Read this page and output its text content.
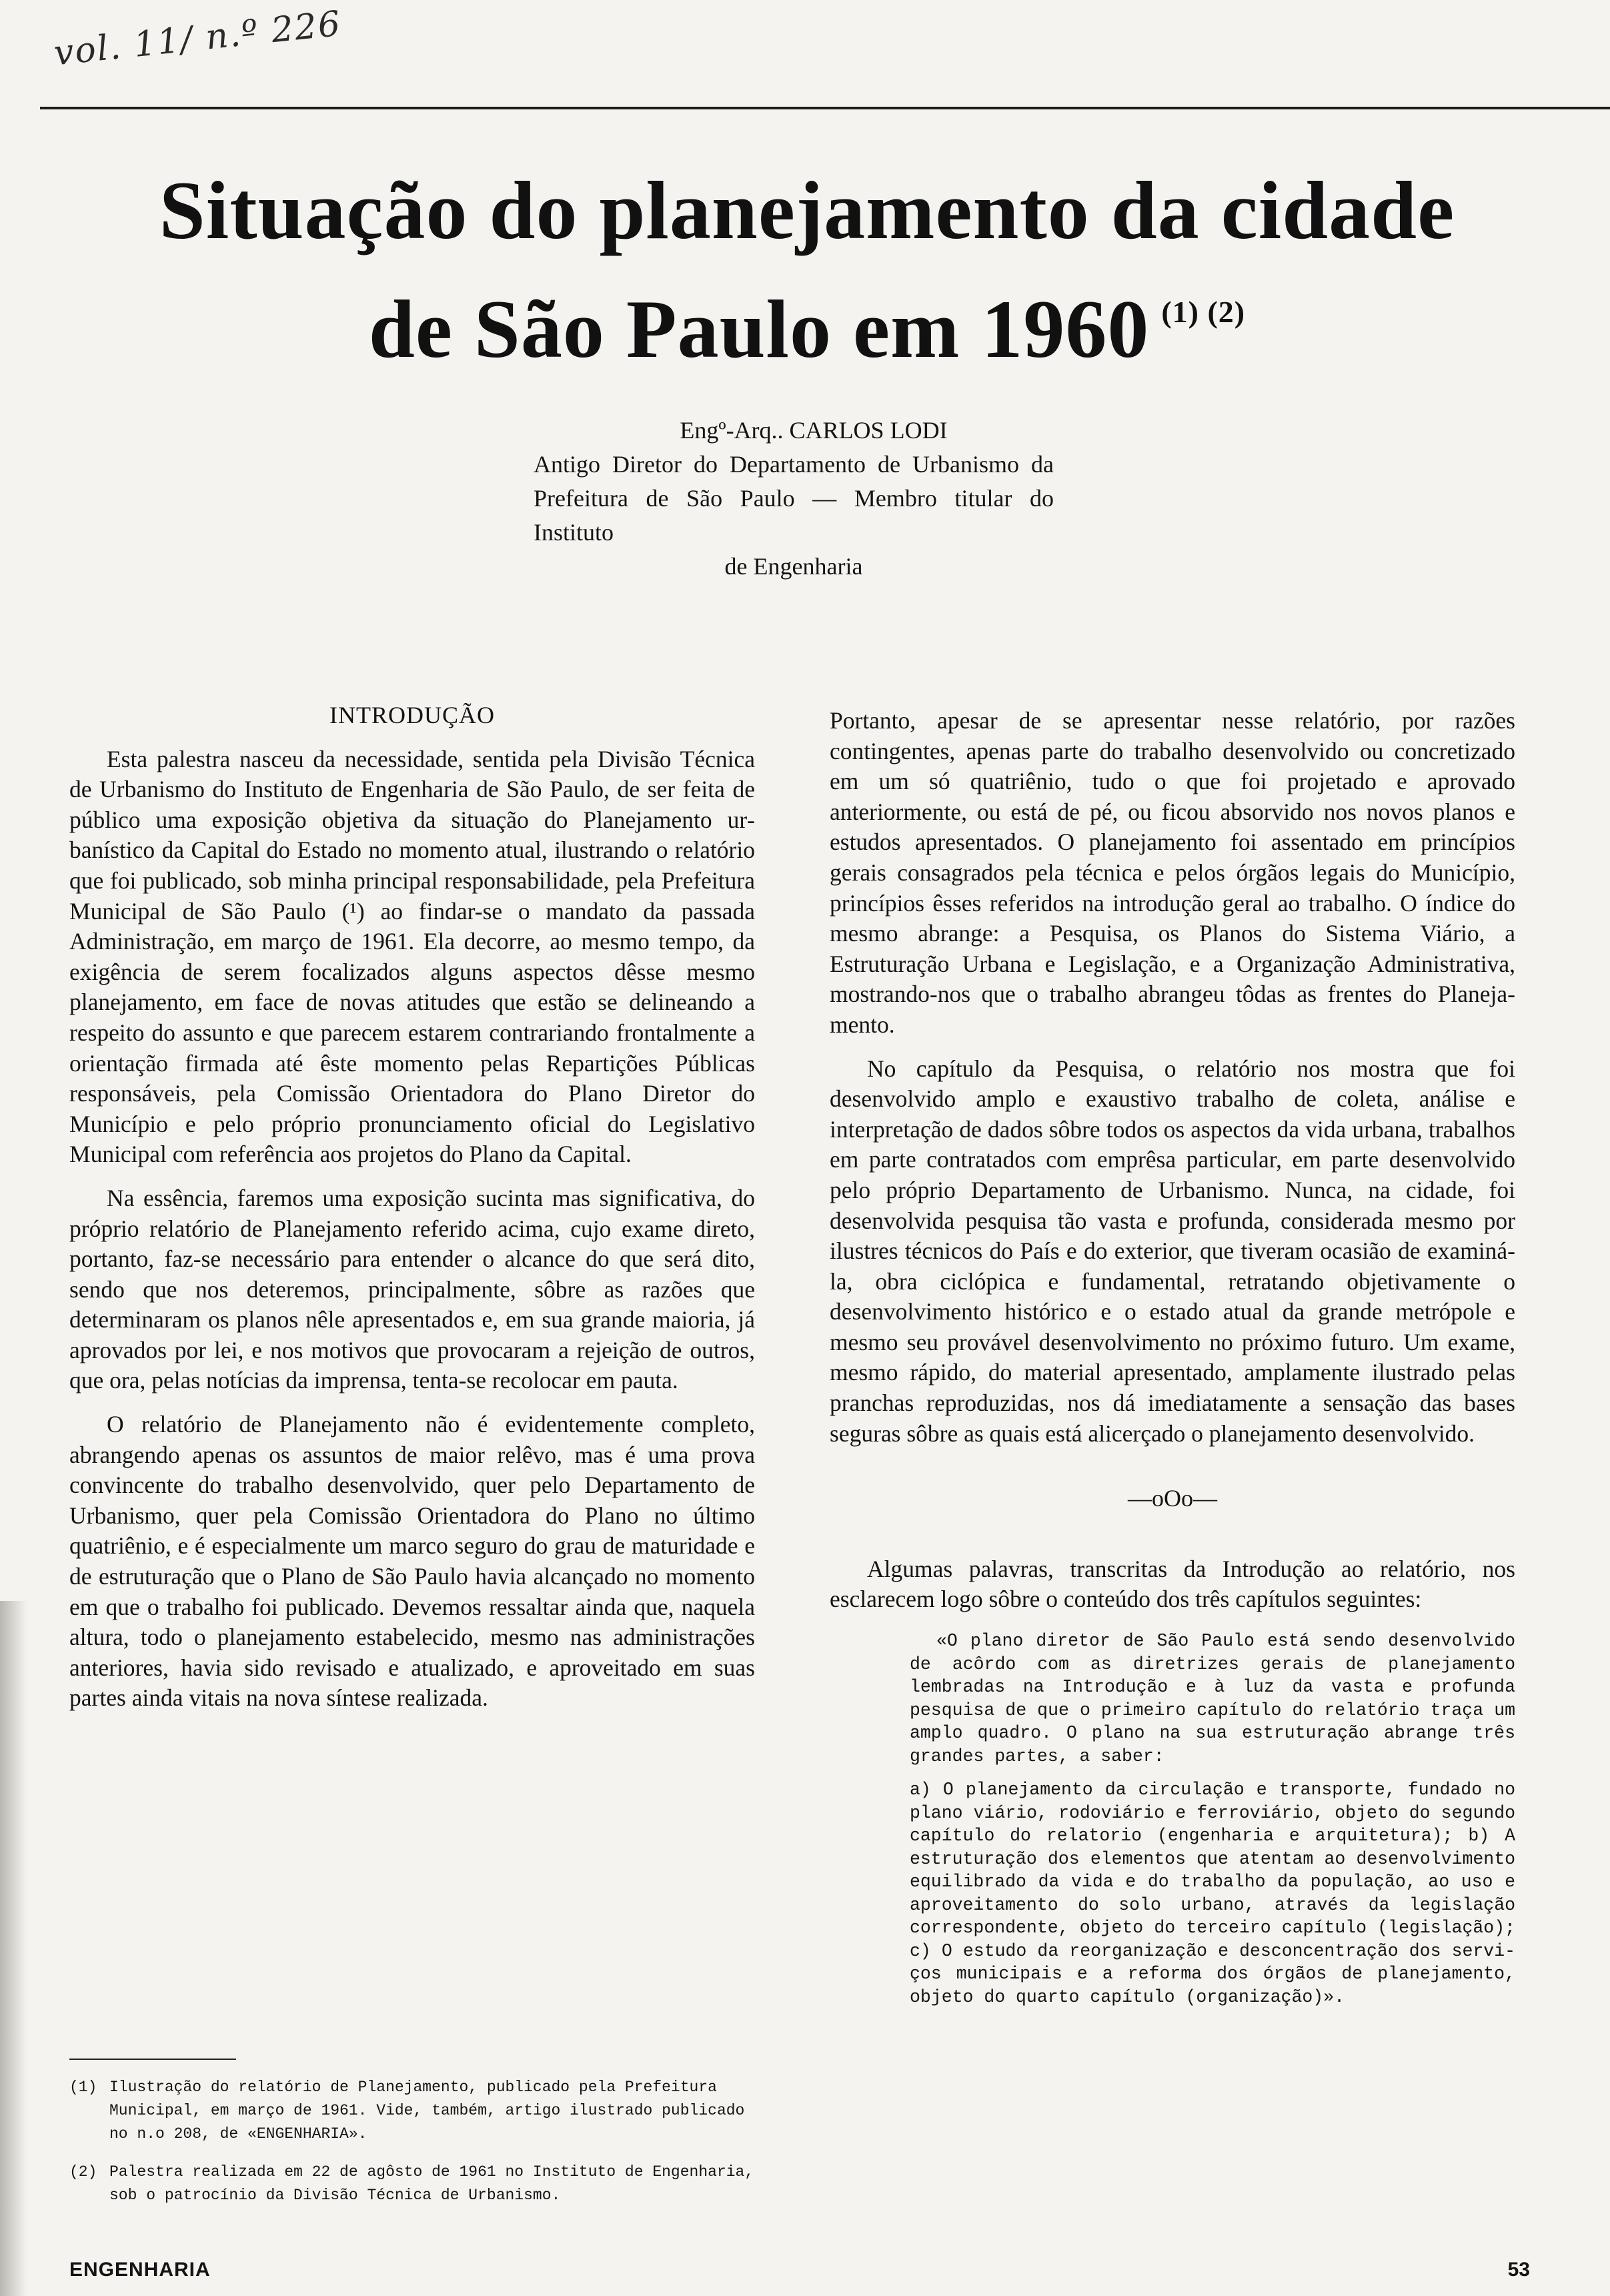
vol. 11/ n.º 226
Situação do planejamento da cidade
de São Paulo em 1960 $^{(1) (2)}$
Engº-Arq.. CARLOS LODI
Antigo Diretor do Departamento de Urbanismo da Prefeitura de São Paulo — Membro titular do Instituto
de Engenharia

INTRODUÇÃO

Esta palestra nasceu da necessidade, sentida pela Divisão Técnica de Urbanismo do Instituto de Engenharia de São Paulo, de ser feita de público uma exposição objetiva da situação do Planejamento urbanístico da Capital do Estado no momento atual, ilustrando o relatório que foi publicado, sob minha principal responsabilidade, pela Prefeitura Municipal de São Paulo (¹) ao findar-se o mandato da passada Administração, em março de 1961. Ela decorre, ao mesmo tempo, da exigência de serem focalizados alguns aspectos dêsse mesmo planejamento, em face de novas atitudes que estão se delineando a respeito do assunto e que parecem estarem contrariando frontalmente a orientação firmada até êste momento pelas Repartições Públicas responsáveis, pela Comissão Orientadora do Plano Diretor do Município e pelo próprio pronunciamento oficial do Legislativo Municipal com referência aos projetos do Plano da Capital.

Na essência, faremos uma exposição sucinta mas significativa, do próprio relatório de Planejamento referido acima, cujo exame direto, portanto, faz-se necessário para entender o alcance do que será dito, sendo que nos deteremos, principalmente, sôbre as razões que determinaram os planos nêle apresentados e, em sua grande maioria, já aprovados por lei, e nos motivos que provocaram a rejeição de outros, que ora, pelas notícias da imprensa, tenta-se recolocar em pauta.

O relatório de Planejamento não é evidentemente completo, abrangendo apenas os assuntos de maior relêvo, mas é uma prova convincente do trabalho desenvolvido, quer pelo Departamento de Urbanismo, quer pela Comissão Orientadora do Plano no último quatriênio, e é especialmente um marco seguro do grau de maturidade e de estruturação que o Plano de São Paulo havia alcançado no momento em que o trabalho foi publicado. Devemos ressaltar ainda que, naquela altura, todo o planejamento estabelecido, mesmo nas administrações anteriores, havia sido revisado e atualizado, e aproveitado em suas partes ainda vitais na nova síntese realizada.

Portanto, apesar de se apresentar nesse relatório, por razões contingentes, apenas parte do trabalho desenvolvido ou concretizado em um só quatriênio, tudo o que foi projetado e aprovado anteriormente, ou está de pé, ou ficou absorvido nos novos planos e estudos apresentados. O planejamento foi assentado em princípios gerais consagrados pela técnica e pelos órgãos legais do Município, princípios êsses referidos na introdução geral ao trabalho. O índice do mesmo abrange: a Pesquisa, os Planos do Sistema Viário, a Estruturação Urbana e Legislação, e a Organização Administrativa, mostrando-nos que o trabalho abrangeu tôdas as frentes do Planejamento.

No capítulo da Pesquisa, o relatório nos mostra que foi desenvolvido amplo e exaustivo trabalho de coleta, análise e interpretação de dados sôbre todos os aspectos da vida urbana, trabalhos em parte contratados com emprêsa particular, em parte desenvolvido pelo próprio Departamento de Urbanismo. Nunca, na cidade, foi desenvolvida pesquisa tão vasta e profunda, considerada mesmo por ilustres técnicos do País e do exterior, que tiveram ocasião de examiná-la, obra ciclópica e fundamental, retratando objetivamente o desenvolvimento histórico e o estado atual da grande metrópole e mesmo seu provável desenvolvimento no próximo futuro. Um exame, mesmo rápido, do material apresentado, amplamente ilustrado pelas pranchas reproduzidas, nos dá imediatamente a sensação das bases seguras sôbre as quais está alicerçado o planejamento desenvolvido.

—oOo—

Algumas palavras, transcritas da Introdução ao relatório, nos esclarecem logo sôbre o conteúdo dos três capítulos seguintes:

«O plano diretor de São Paulo está sendo desenvolvido de acôrdo com as diretrizes gerais de planejamento lembradas na Introdução e à luz da vasta e profunda pesquisa de que o primeiro capítulo do relatório traça um amplo quadro. O plano na sua estruturação abrange três grandes partes, a saber:
a) O planejamento da circulação e transporte, fundado no plano viário, rodoviário e ferroviário, objeto do segundo capítulo do relatorio (engenharia e arquitetura); b) A estruturação dos elementos que atentam ao desenvolvimento equilibrado da vida e do trabalho da população, ao uso e aproveitamento do solo urbano, através da legislação correspondente, objeto do terceiro capítulo (legislação); c) O estudo da reorganização e desconcentração dos serviços municipais e a reforma dos órgãos de planejamento, objeto do quarto capítulo (organização)».
(1) Ilustração do relatório de Planejamento, publicado pela Prefeitura Municipal, em março de 1961. Vide, também, artigo ilustrado publicado no n.o 208, de «ENGENHARIA».
(2) Palestra realizada em 22 de agôsto de 1961 no Instituto de Engenharia, sob o patrocínio da Divisão Técnica de Urbanismo.
ENGENHARIA	53
